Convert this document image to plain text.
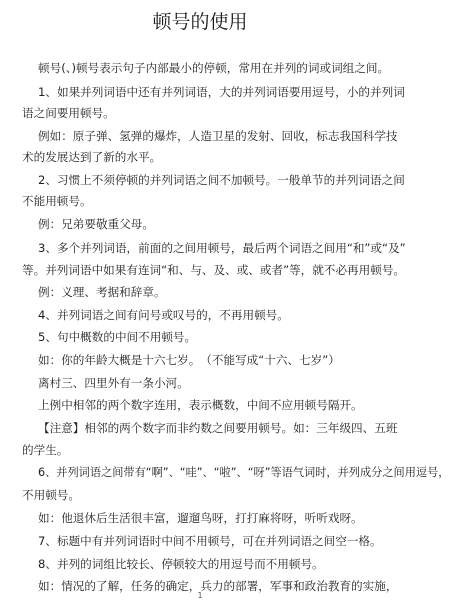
顿号的使用
顿号(、)顿号表示句子内部最小的停顿，常用在并列的词或词组之间。
1、如果并列词语中还有并列词语，大的并列词语要用逗号，小的并列词
语之间要用顿号。
例如：原子弹、氢弹的爆炸，人造卫星的发射、回收，标志我国科学技
术的发展达到了新的水平。
2、习惯上不须停顿的并列词语之间不加顿号。一般单节的并列词语之间
不能用顿号。
例：兄弟要敬重父母。
3、多个并列词语，前面的之间用顿号，最后两个词语之间用“和”或“及”
等。并列词语中如果有连词“和、与、及、或、或者”等，就不必再用顿号。
例：义理、考据和辞章。
4、并列词语之间有问号或叹号的，不再用顿号。
5、句中概数的中间不用顿号。
如：你的年龄大概是十六七岁。　（不能写成“十六、七岁”）
离村三、四里外有一条小河。
上例中相邻的两个数字连用，表示概数，中间不应用顿号隔开。
【注意】相邻的两个数字而非约数之间要用顿号。如：三年级四、五班
的学生。
6、并列词语之间带有“啊”、“哇”、“啦”、“呀”等语气词时，并列成分之间用逗号，
不用顿号。
如：他退休后生活很丰富，遛遛鸟呀，打打麻将呀，听听戏呀。
7、标题中有并列词语时中间不用顿号，可在并列词语之间空一格。
8、并列的词组比较长、停顿较大的用逗号而不用顿号。
如：情况的了解，任务的确定，兵力的部署，军事和政治教育的实施，
1
